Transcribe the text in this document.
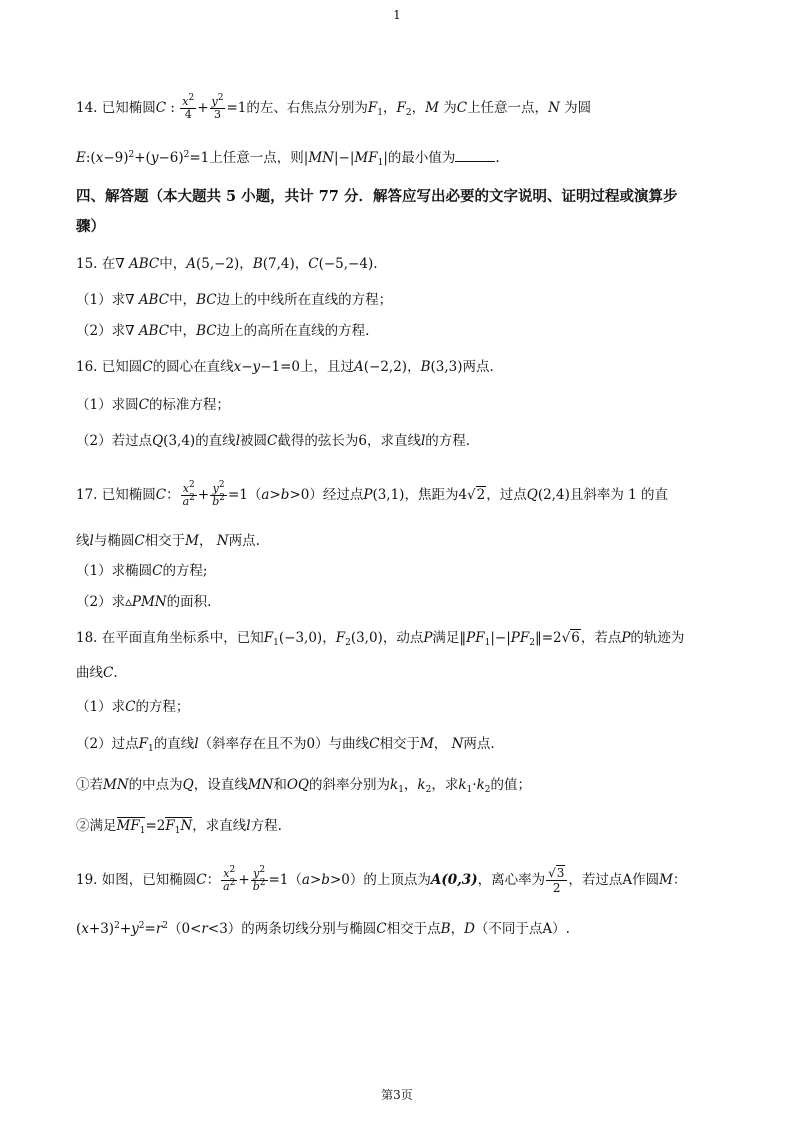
1
14. 已知椭圆C : $\frac{x^2}{4} + \frac{y^2}{3} =1$的左、右焦点分别为$F_1$，$F_2$，M 为C上任意一点，N 为圆
$E:(x-9)^2+(y-6)^2=1$上任意一点，则$|MN|-|MF_1|$的最小值为	.
四、解答题（本大题共 5 小题，共计 77 分．解答应写出必要的文字说明、证明过程或演算步
骤）
15. 在∇ ABC中，A(5,−2)，B(7,4)，C(−5,−4).
（1）求∇ ABC中，BC边上的中线所在直线的方程；
（2）求∇ ABC中，BC边上的高所在直线的方程.
16. 已知圆C的圆心在直线x−y−1=0上，且过A(−2,2)，B(3,3)两点.
（1）求圆C的标准方程；
（2）若过点Q(3,4)的直线l被圆C截得的弦长为6，求直线l的方程.
17. 已知椭圆C： $\frac{x^2}{a^2} + \frac{y^2}{b^2} =1(a>b>0)$经过点P(3,1)，焦距为4√2，过点Q(2,4)且斜率为 1 的直
线l与椭圆C相交于M， N两点.
（1）求椭圆C的方程;
（2）求▵PMN的面积.
18. 在平面直角坐标系中，已知$F_1(-3,0)$，$F_2(3,0)$，动点P满足$‖PF_1|-|PF_2‖=2√6$，若点P的轨迹为
曲线C.
（1）求C的方程；
（2）过点$F_1$的直线l（斜率存在且不为0）与曲线C相交于M， N两点.
①若MN的中点为Q，设直线MN和OQ的斜率分别为$k_1$，$k_2$，求$k_1\cdot k_2$的值；
②满足$MF_1=2F_1N$，求直线l方程.
19. 如图，已知椭圆C： $\frac{x^2}{a^2} + \frac{y^2}{b^2} =1(a>b>0)$的上顶点为A(0,3)，离心率为 $\frac{√3}{2}$ ，若过点A作圆M：
$(x+3)^2+y^2=r^2(0<r<3)$的两条切线分别与椭圆C相交于点B，D（不同于点A）.
第3页
